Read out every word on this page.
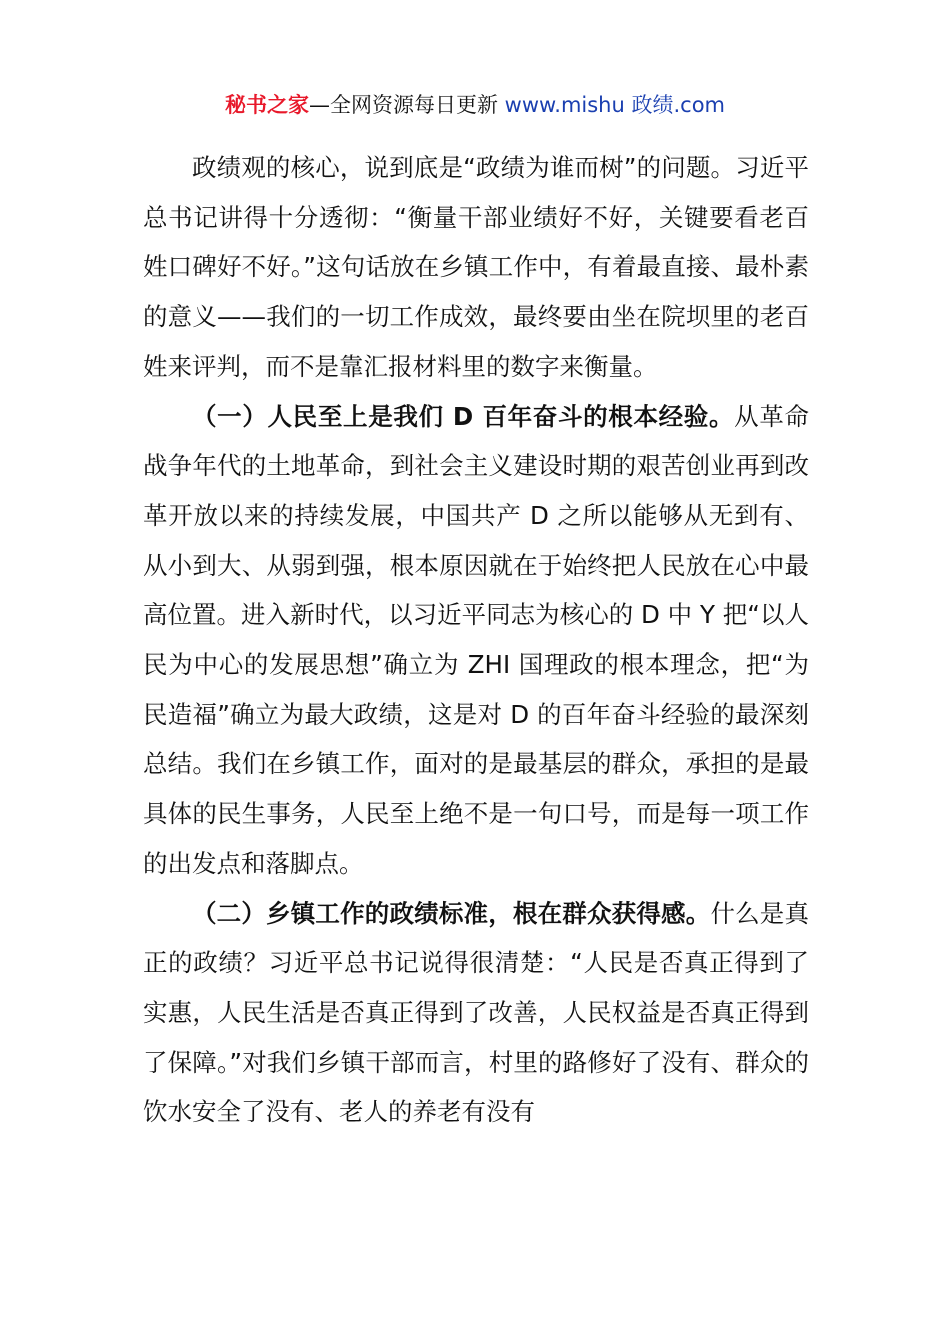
秘书之家—全网资源每日更新 www.mishu 政绩.com

政绩观的核心，说到底是“政绩为谁而树”的问题。习近平总书记讲得十分透彻：“衡量干部业绩好不好，关键要看老百姓口碑好不好。”这句话放在乡镇工作中，有着最直接、最朴素的意义——我们的一切工作成效，最终要由坐在院坝里的老百姓来评判，而不是靠汇报材料里的数字来衡量。

（一）人民至上是我们 D 百年奋斗的根本经验。从革命战争年代的土地革命，到社会主义建设时期的艰苦创业再到改革开放以来的持续发展，中国共产 D 之所以能够从无到有、从小到大、从弱到强，根本原因就在于始终把人民放在心中最高位置。进入新时代，以习近平同志为核心的 D 中 Y 把“以人民为中心的发展思想”确立为 ZHI 国理政的根本理念，把“为民造福”确立为最大政绩，这是对 D 的百年奋斗经验的最深刻总结。我们在乡镇工作，面对的是最基层的群众，承担的是最具体的民生事务，人民至上绝不是一句口号，而是每一项工作的出发点和落脚点。

（二）乡镇工作的政绩标准，根在群众获得感。什么是真正的政绩？习近平总书记说得很清楚：“人民是否真正得到了实惠，人民生活是否真正得到了改善，人民权益是否真正得到了保障。”对我们乡镇干部而言，村里的路修好了没有、群众的饮水安全了没有、老人的养老有没有
